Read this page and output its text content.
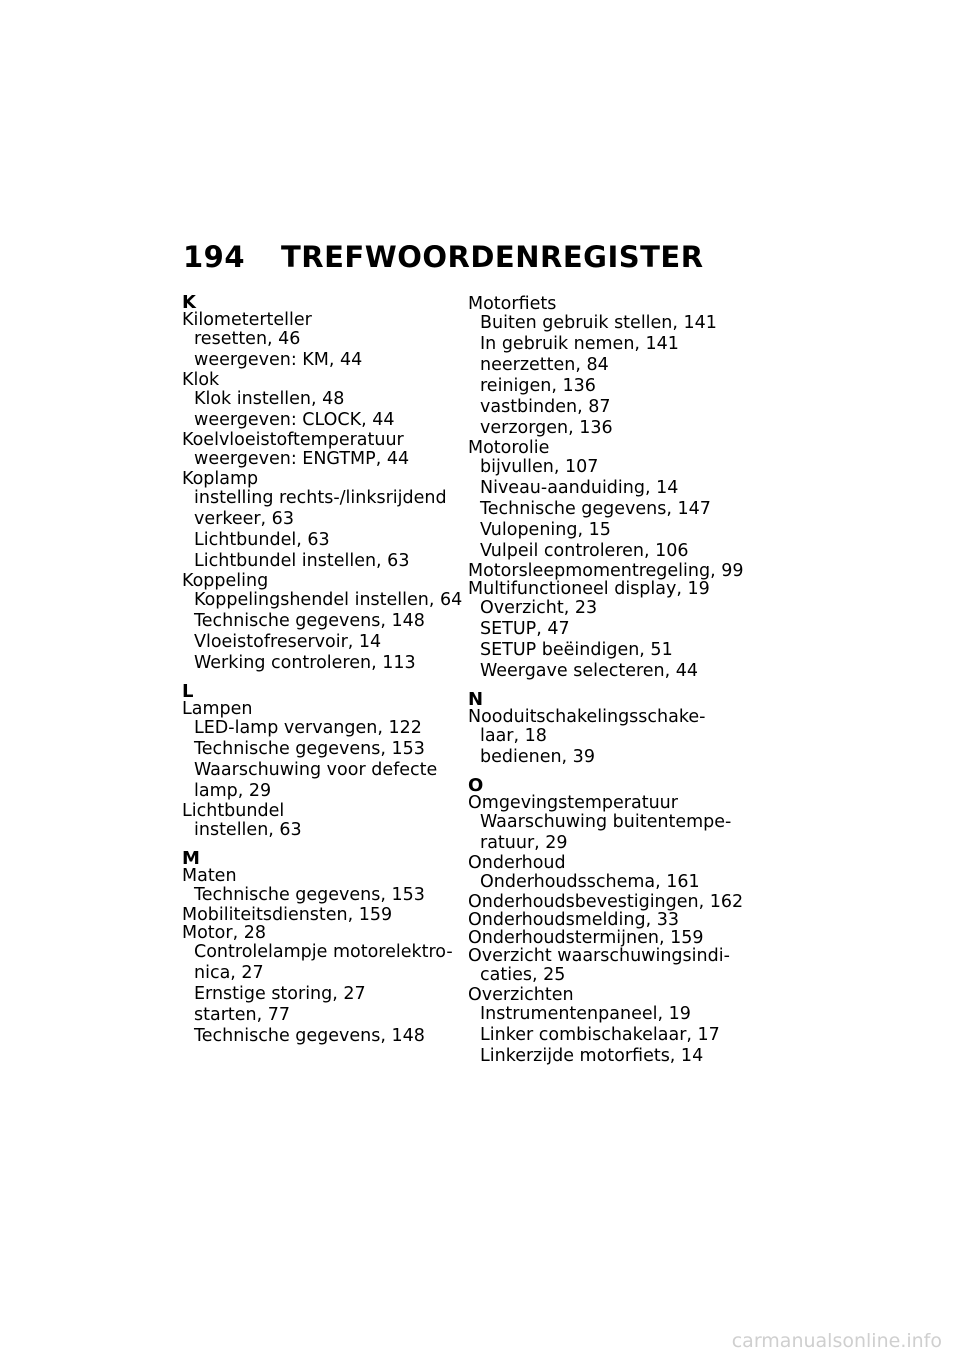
194 TREFWOORDENREGISTER
K
Kilometerteller
resetten, 46
weergeven: KM, 44
Klok
Klok instellen, 48
weergeven: CLOCK, 44
Koelvloeistoftemperatuur
weergeven: ENGTMP, 44
Koplamp
instelling rechts-/linksrijdend
verkeer, 63
Lichtbundel, 63
Lichtbundel instellen, 63
Koppeling
Koppelingshendel instellen, 64
Technische gegevens, 148
Vloeistofreservoir, 14
Werking controleren, 113
L
Lampen
LED-lamp vervangen, 122
Technische gegevens, 153
Waarschuwing voor defecte
lamp, 29
Lichtbundel
instellen, 63
M
Maten
Technische gegevens, 153
Mobiliteitsdiensten, 159
Motor, 28
Controlelampje motorelektro-
nica, 27
Ernstige storing, 27
starten, 77
Technische gegevens, 148
Motorfiets
Buiten gebruik stellen, 141
In gebruik nemen, 141
neerzetten, 84
reinigen, 136
vastbinden, 87
verzorgen, 136
Motorolie
bijvullen, 107
Niveau-aanduiding, 14
Technische gegevens, 147
Vulopening, 15
Vulpeil controleren, 106
Motorsleepmomentregeling, 99
Multifunctioneel display, 19
Overzicht, 23
SETUP, 47
SETUP beëindigen, 51
Weergave selecteren, 44
N
Nooduitschakelingsschake-
laar, 18
bedienen, 39
O
Omgevingstemperatuur
Waarschuwing buitentempe-
ratuur, 29
Onderhoud
Onderhoudsschema, 161
Onderhoudsbevestigingen, 162
Onderhoudsmelding, 33
Onderhoudstermijnen, 159
Overzicht waarschuwingsindi-
caties, 25
Overzichten
Instrumentenpaneel, 19
Linker combischakelaar, 17
Linkerzijde motorfiets, 14
carmanualsonline.info
